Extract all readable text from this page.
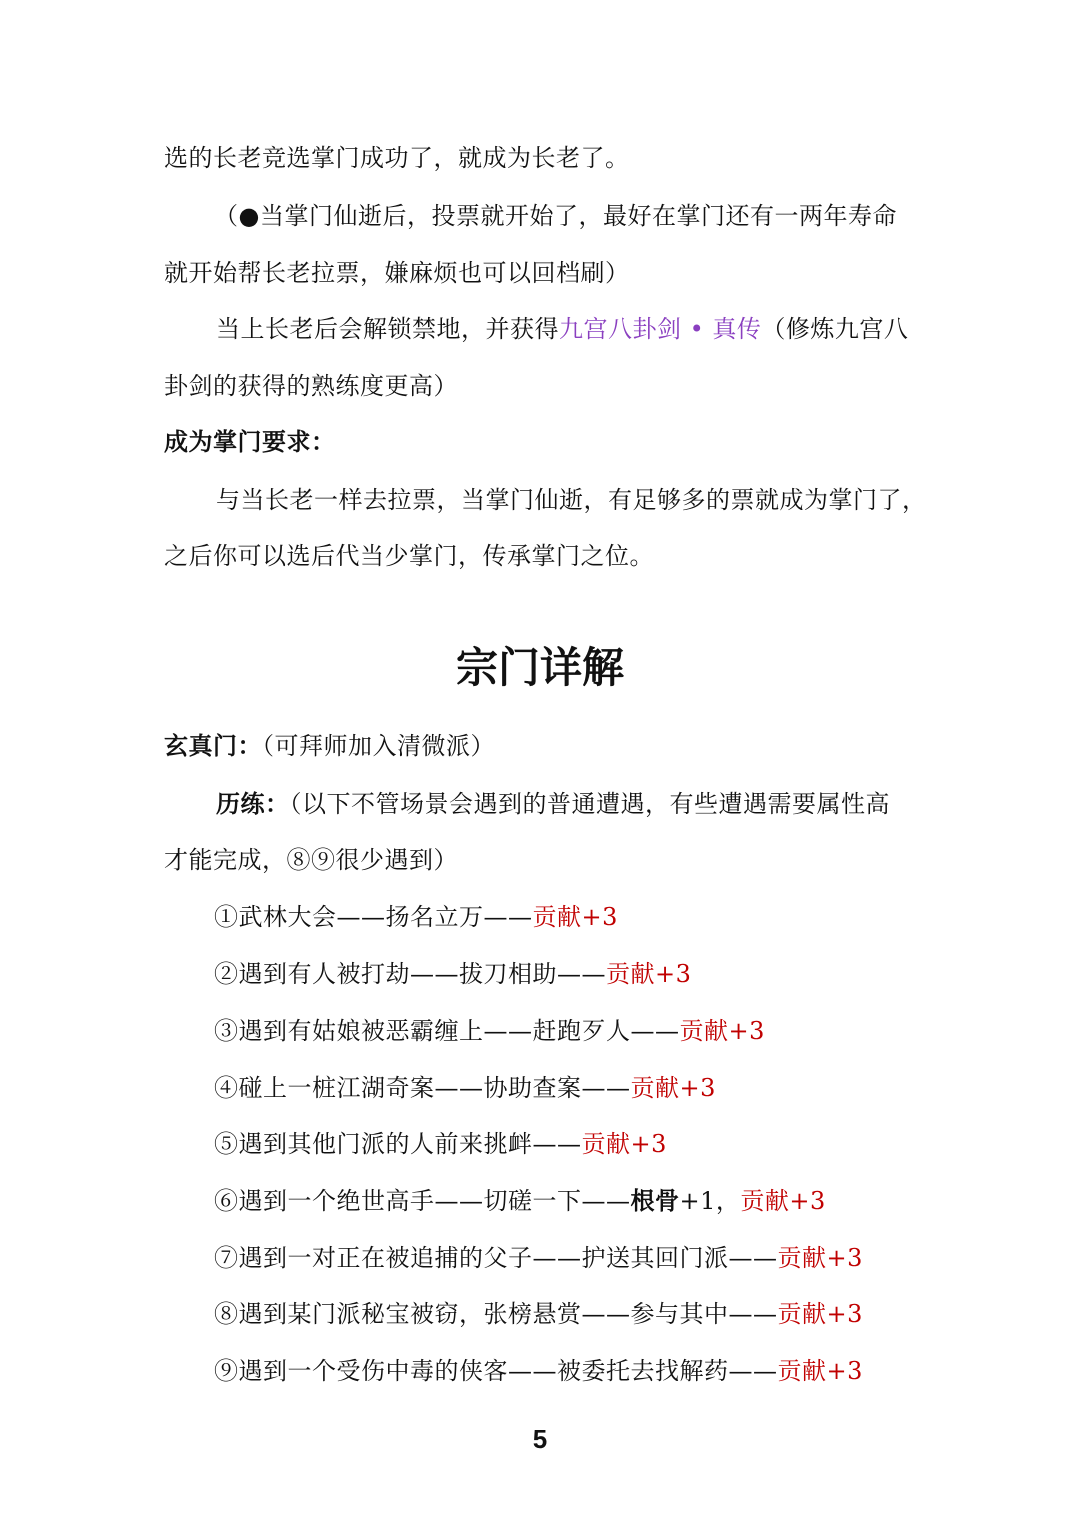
选的长老竞选掌门成功了，就成为长老了。
（●当掌门仙逝后，投票就开始了，最好在掌门还有一两年寿命
就开始帮长老拉票，嫌麻烦也可以回档刷）
当上长老后会解锁禁地，并获得九宫八卦剑 • 真传（修炼九宫八
卦剑的获得的熟练度更高）
成为掌门要求：
与当长老一样去拉票，当掌门仙逝，有足够多的票就成为掌门了，
之后你可以选后代当少掌门，传承掌门之位。
宗门详解
玄真门：（可拜师加入清微派）
历练：（以下不管场景会遇到的普通遭遇，有些遭遇需要属性高
才能完成，⑧⑨很少遇到）
①武林大会——扬名立万——贡献+3
②遇到有人被打劫——拔刀相助——贡献+3
③遇到有姑娘被恶霸缠上——赶跑歹人——贡献+3
④碰上一桩江湖奇案——协助查案——贡献+3
⑤遇到其他门派的人前来挑衅——贡献+3
⑥遇到一个绝世高手——切磋一下——根骨+1，贡献+3
⑦遇到一对正在被追捕的父子——护送其回门派——贡献+3
⑧遇到某门派秘宝被窃，张榜悬赏——参与其中——贡献+3
⑨遇到一个受伤中毒的侠客——被委托去找解药——贡献+3
5
